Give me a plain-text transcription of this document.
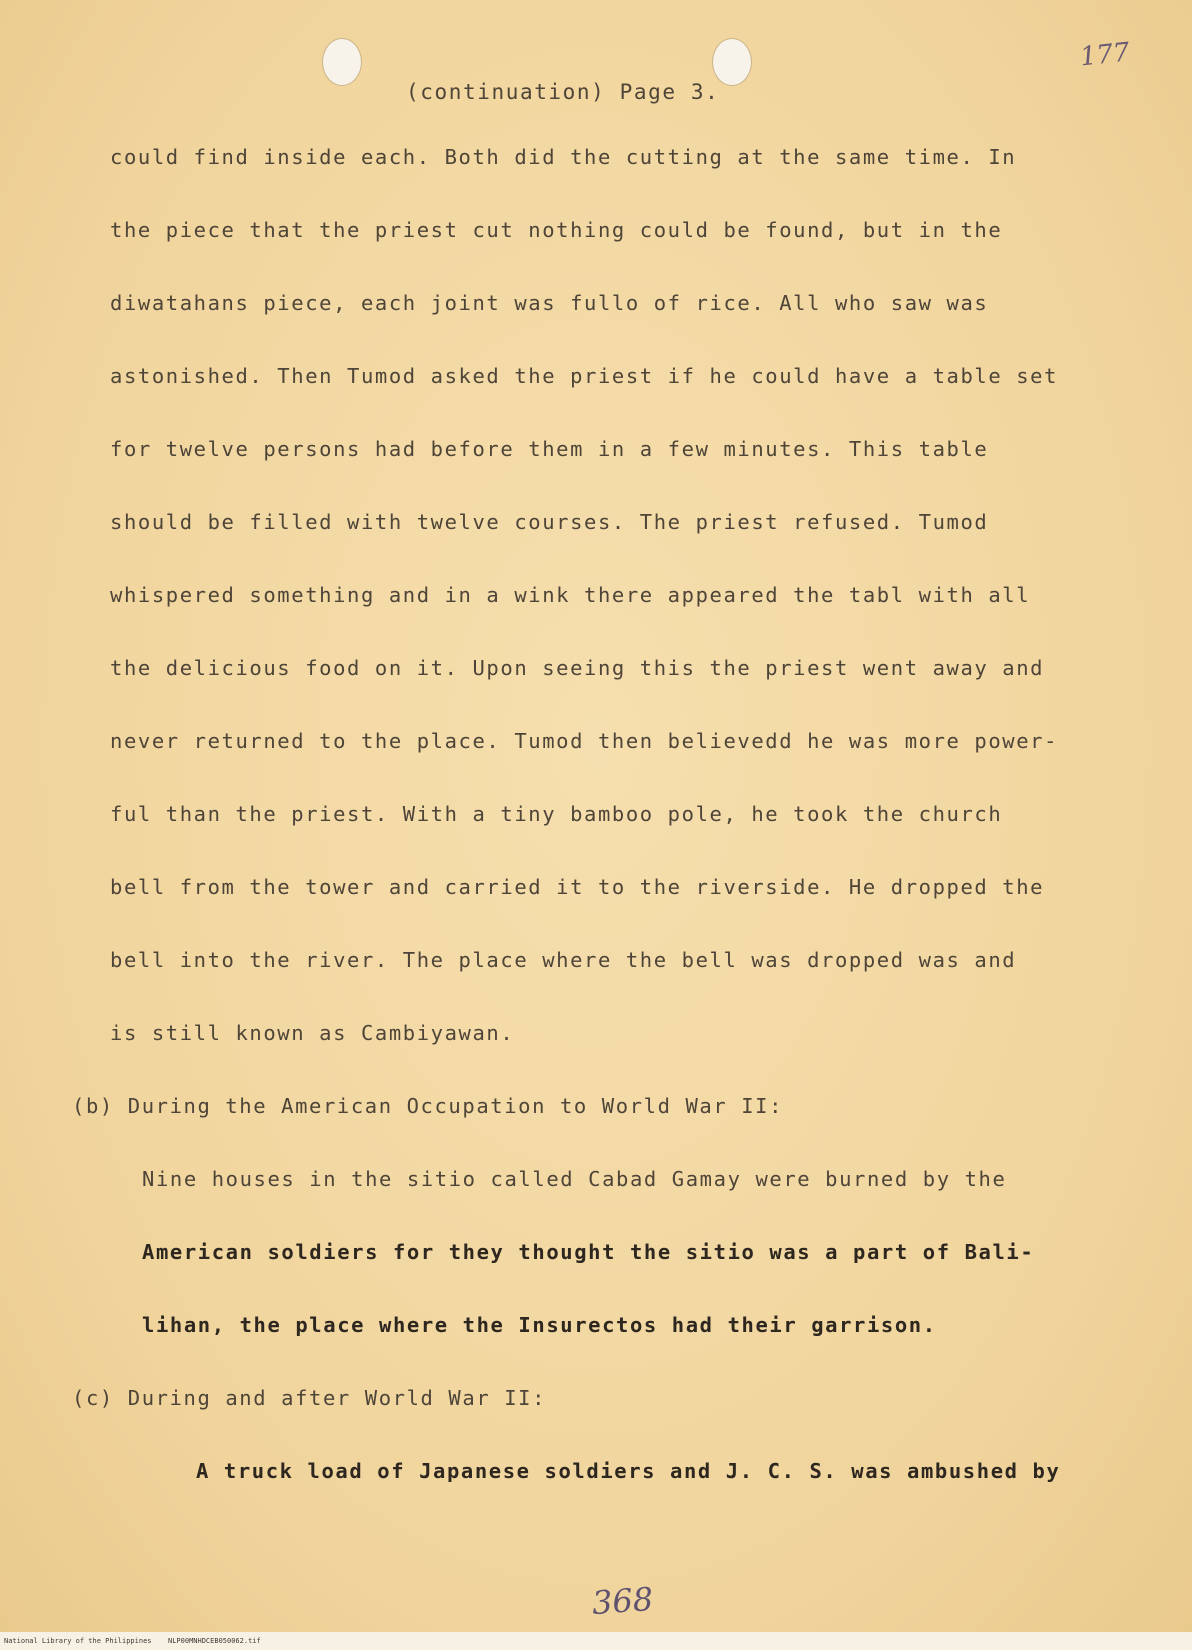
177
(continuation) Page 3.
could find inside each. Both did the cutting at the same time. In
the piece that the priest cut nothing could be found, but in the
diwatahans piece, each joint was fullo of rice. All who saw was
astonished. Then Tumod asked the priest if he could have a table set
for twelve persons had before them in a few minutes. This table
should be filled with twelve courses. The priest refused. Tumod
whispered something and in a wink there appeared the tabl with all
the delicious food on it. Upon seeing this the priest went away and
never returned to the place. Tumod then believedd he was more power-
ful than the priest. With a tiny bamboo pole, he took the church
bell from the tower and carried it to the riverside. He dropped the
bell into the river. The place where the bell was dropped was and
is still known as Cambiyawan.
(b) During the American Occupation to World War II:
Nine houses in the sitio called Cabad Gamay were burned by the
American soldiers for they thought the sitio was a part of Bali-
lihan, the place where the Insurectos had their garrison.
(c) During and after World War II:
A truck load of Japanese soldiers and J. C. S. was ambushed by
368
National Library of the Philippines NLP00MNHDCEB050062.tif
